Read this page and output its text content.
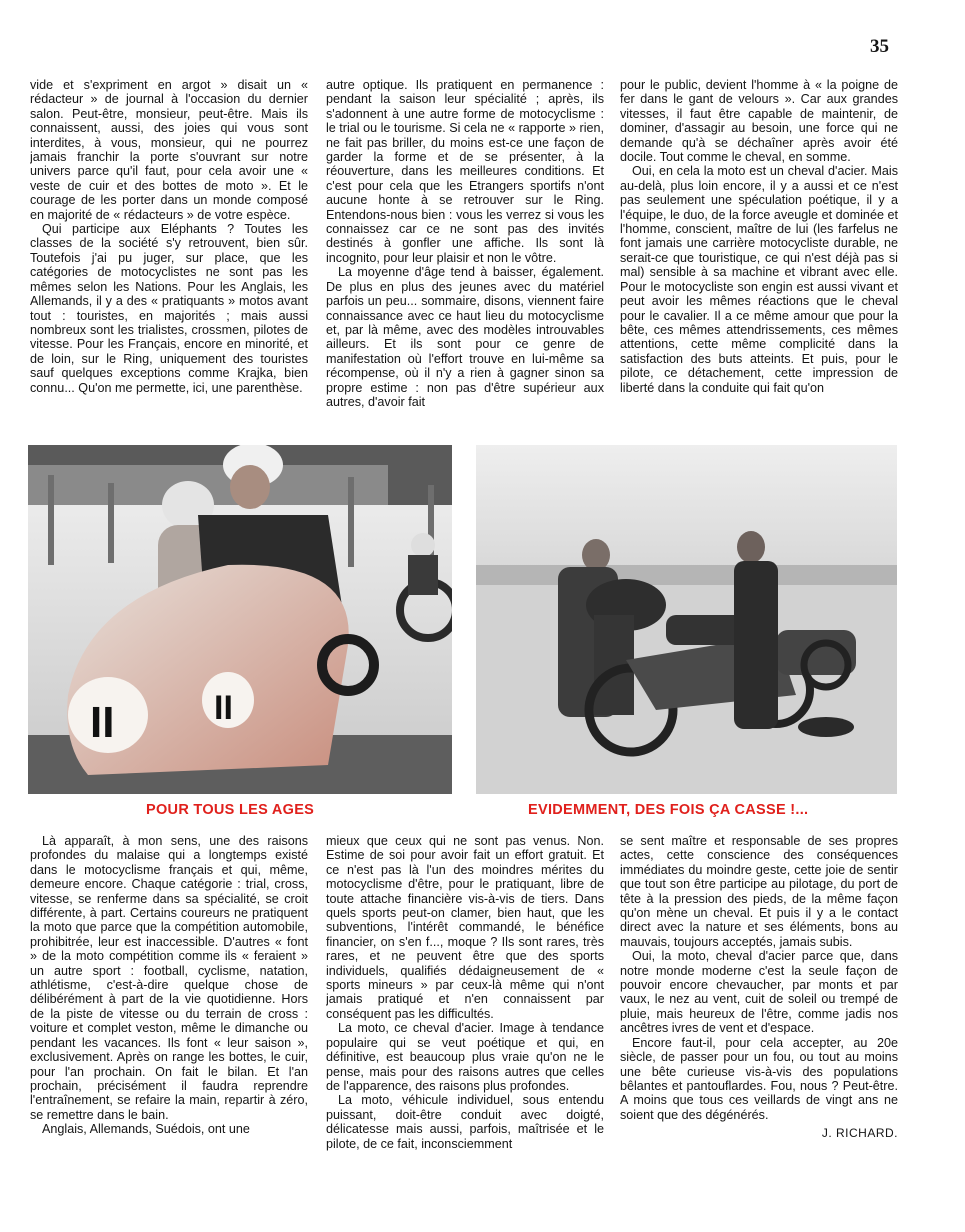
35

vide et s'expriment en argot » disait un « rédacteur » de journal à l'occasion du dernier salon. Peut-être, monsieur, peut-être. Mais ils connaissent, aussi, des joies qui vous sont interdites, à vous, monsieur, qui ne pourrez jamais franchir la porte s'ouvrant sur notre univers parce qu'il faut, pour cela avoir une « veste de cuir et des bottes de moto ». Et le courage de les porter dans un monde composé en majorité de « rédacteurs » de votre espèce.

Qui participe aux Eléphants ? Toutes les classes de la société s'y retrouvent, bien sûr. Toutefois j'ai pu juger, sur place, que les catégories de motocyclistes ne sont pas les mêmes selon les Nations. Pour les Anglais, les Allemands, il y a des « pratiquants » motos avant tout : touristes, en majorités ; mais aussi nombreux sont les trialistes, crossmen, pilotes de vitesse. Pour les Français, encore en minorité, et de loin, sur le Ring, uniquement des touristes sauf quelques exceptions comme Krajka, bien connu... Qu'on me permette, ici, une parenthèse.

autre optique. Ils pratiquent en permanence : pendant la saison leur spécialité ; après, ils s'adonnent à une autre forme de motocyclisme : le trial ou le tourisme. Si cela ne « rapporte » rien, ne fait pas briller, du moins est-ce une façon de garder la forme et de se présenter, à la réouverture, dans les meilleures conditions. Et c'est pour cela que les Etrangers sportifs n'ont aucune honte à se retrouver sur le Ring. Entendons-nous bien : vous les verrez si vous les connaissez car ce ne sont pas des invités destinés à gonfler une affiche. Ils sont là incognito, pour leur plaisir et non le vôtre.

La moyenne d'âge tend à baisser, également. De plus en plus des jeunes avec du matériel parfois un peu... sommaire, disons, viennent faire connaissance avec ce haut lieu du motocyclisme et, par là même, avec des modèles introuvables ailleurs. Et ils sont pour ce genre de manifestation où l'effort trouve en lui-même sa récompense, où il n'y a rien à gagner sinon sa propre estime : non pas d'être supérieur aux autres, d'avoir fait

pour le public, devient l'homme à « la poigne de fer dans le gant de velours ». Car aux grandes vitesses, il faut être capable de maintenir, de dominer, d'assagir au besoin, une force qui ne demande qu'à se déchaîner après avoir été docile. Tout comme le cheval, en somme.

Oui, en cela la moto est un cheval d'acier. Mais au-delà, plus loin encore, il y a aussi et ce n'est pas seulement une spéculation poétique, il y a l'équipe, le duo, de la force aveugle et dominée et l'homme, conscient, maître de lui (les farfelus ne font jamais une carrière motocycliste durable, ne serait-ce que touristique, ce qui n'est déjà pas si mal) sensible à sa machine et vibrant avec elle. Pour le motocycliste son engin est aussi vivant et peut avoir les mêmes réactions que le cheval pour le cavalier. Il a ce même amour que pour la bête, ces mêmes attendrissements, ces mêmes attentions, cette même complicité dans la satisfaction des buts atteints. Et puis, pour le pilote, ce détachement, cette impression de liberté dans la conduite qui fait qu'on

II	II
POUR TOUS LES AGES	EVIDEMMENT, DES FOIS ÇA CASSE !...

Là apparaît, à mon sens, une des raisons profondes du malaise qui a longtemps existé dans le motocyclisme français et qui, même, demeure encore. Chaque catégorie : trial, cross, vitesse, se renferme dans sa spécialité, se croit différente, à part. Certains coureurs ne pratiquent la moto que parce que la compétition automobile, prohibitrée, leur est inaccessible. D'autres « font » de la moto compétition comme ils « feraient » un autre sport : football, cyclisme, natation, athlétisme, c'est-à-dire quelque chose de délibérément à part de la vie quotidienne. Hors de la piste de vitesse ou du terrain de cross : voiture et complet veston, même le dimanche ou pendant les vacances. Ils font « leur saison », exclusivement. Après on range les bottes, le cuir, pour l'an prochain. On fait le bilan. Et l'an prochain, précisément il faudra reprendre l'entraînement, se refaire la main, repartir à zéro, se remettre dans le bain.

Anglais, Allemands, Suédois, ont une

mieux que ceux qui ne sont pas venus. Non. Estime de soi pour avoir fait un effort gratuit. Et ce n'est pas là l'un des moindres mérites du motocyclisme d'être, pour le pratiquant, libre de toute attache financière vis-à-vis de tiers. Dans quels sports peut-on clamer, bien haut, que les subventions, l'intérêt commandé, le bénéfice financier, on s'en f..., moque ? Ils sont rares, très rares, et ne peuvent être que des sports individuels, qualifiés dédaigneusement de « sports mineurs » par ceux-là même qui n'ont jamais pratiqué et n'en connaissent par conséquent pas les difficultés.

La moto, ce cheval d'acier. Image à tendance populaire qui se veut poétique et qui, en définitive, est beaucoup plus vraie qu'on ne le pense, mais pour des raisons autres que celles de l'apparence, des raisons plus profondes.

La moto, véhicule individuel, sous entendu puissant, doit-être conduit avec doigté, délicatesse mais aussi, parfois, maîtrisée et le pilote, de ce fait, inconsciemment

se sent maître et responsable de ses propres actes, cette conscience des conséquences immédiates du moindre geste, cette joie de sentir que tout son être participe au pilotage, du port de tête à la pression des pieds, de la même façon qu'on mène un cheval. Et puis il y a le contact direct avec la nature et ses éléments, bons au mauvais, toujours acceptés, jamais subis.

Oui, la moto, cheval d'acier parce que, dans notre monde moderne c'est la seule façon de pouvoir encore chevaucher, par monts et par vaux, le nez au vent, cuit de soleil ou trempé de pluie, mais heureux de l'être, comme jadis nos ancêtres ivres de vent et d'espace.

Encore faut-il, pour cela accepter, au 20e siècle, de passer pour un fou, ou tout au moins une bête curieuse vis-à-vis des populations bêlantes et pantouflardes. Fou, nous ? Peut-être. A moins que tous ces veillards de vingt ans ne soient que des dégénérés.

J. RICHARD.
